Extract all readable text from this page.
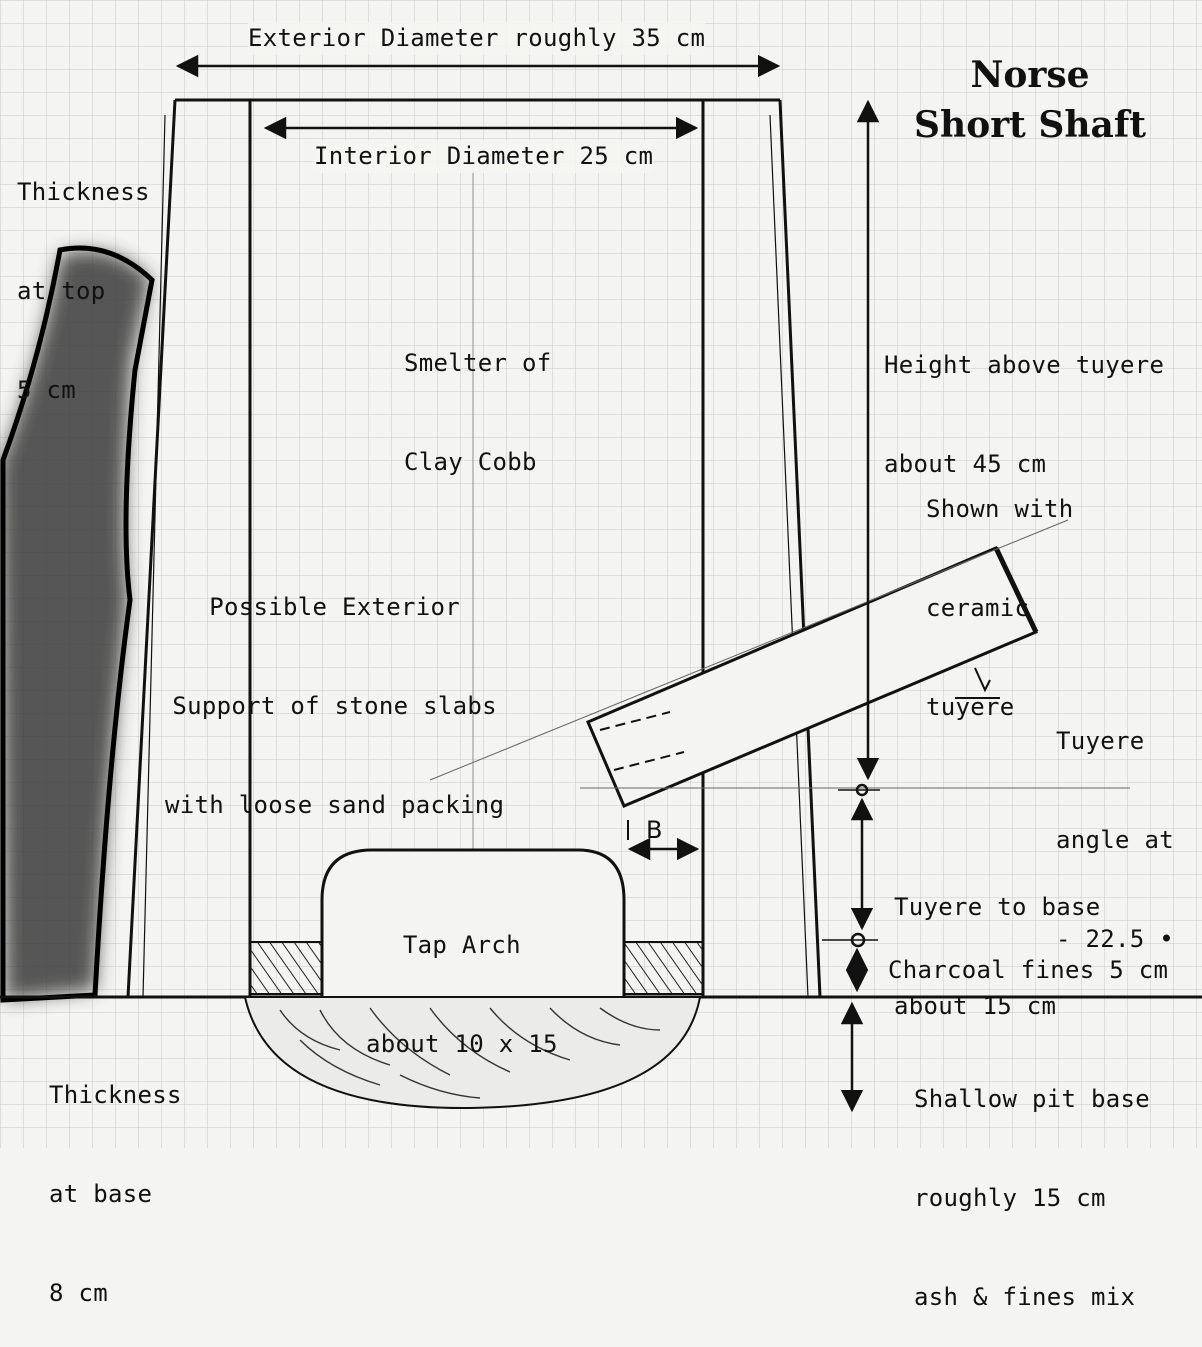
B
Norse
Short Shaft
Exterior Diameter roughly 35 cm
Interior Diameter 25 cm

Thickness

at top

5 cm

Smelter of

Clay Cobb

Height above tuyere

about 45 cm

Shown with

ceramic

tuyere

Possible Exterior

Support of stone slabs

with loose sand packing

Tuyere

angle at

- 22.5 •

Tuyere to base

about 15 cm

Tap Arch

about 10 x 15

Charcoal fines 5 cm

Thickness

at base

8 cm

Shallow pit base

roughly 15 cm

ash & fines mix
